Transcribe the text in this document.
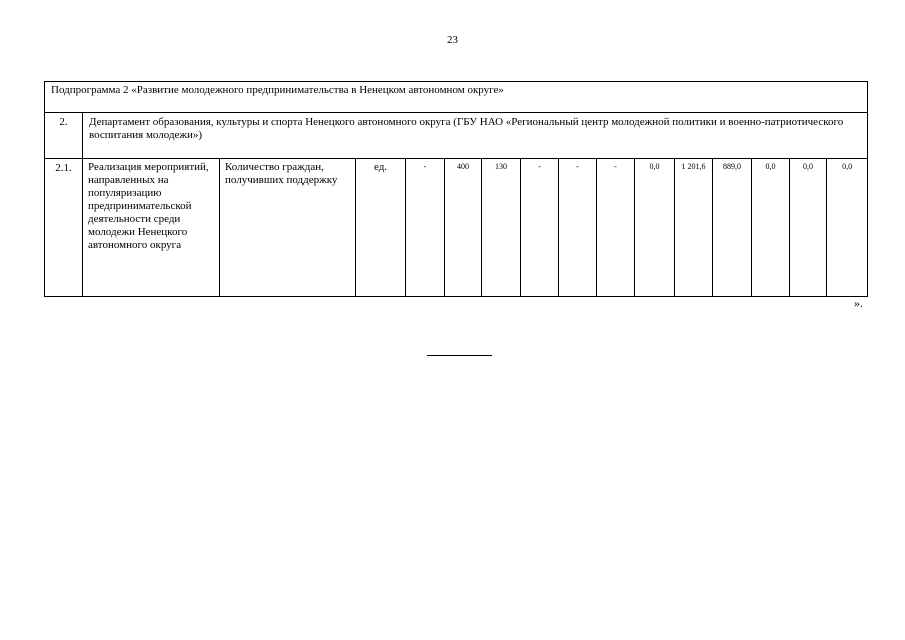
23
Подпрограмма 2 «Развитие молодежного предпринимательства в Ненецком автономном округе»															
2.	Департамент образования, культуры и спорта Ненецкого автономного округа (ГБУ НАО «Региональный центр молодежной политики и военно-патриотического воспитания молодежи»)														
2.1.	Реализация мероприятий, направленных на популяризацию предпринимательской деятельности среди молодежи Ненецкого автономного округа	Количество граждан, получивших поддержку	ед.	-	400	130	-	-	-	0,0	1 201,6	889,0	0,0	0,0	0,0
».
